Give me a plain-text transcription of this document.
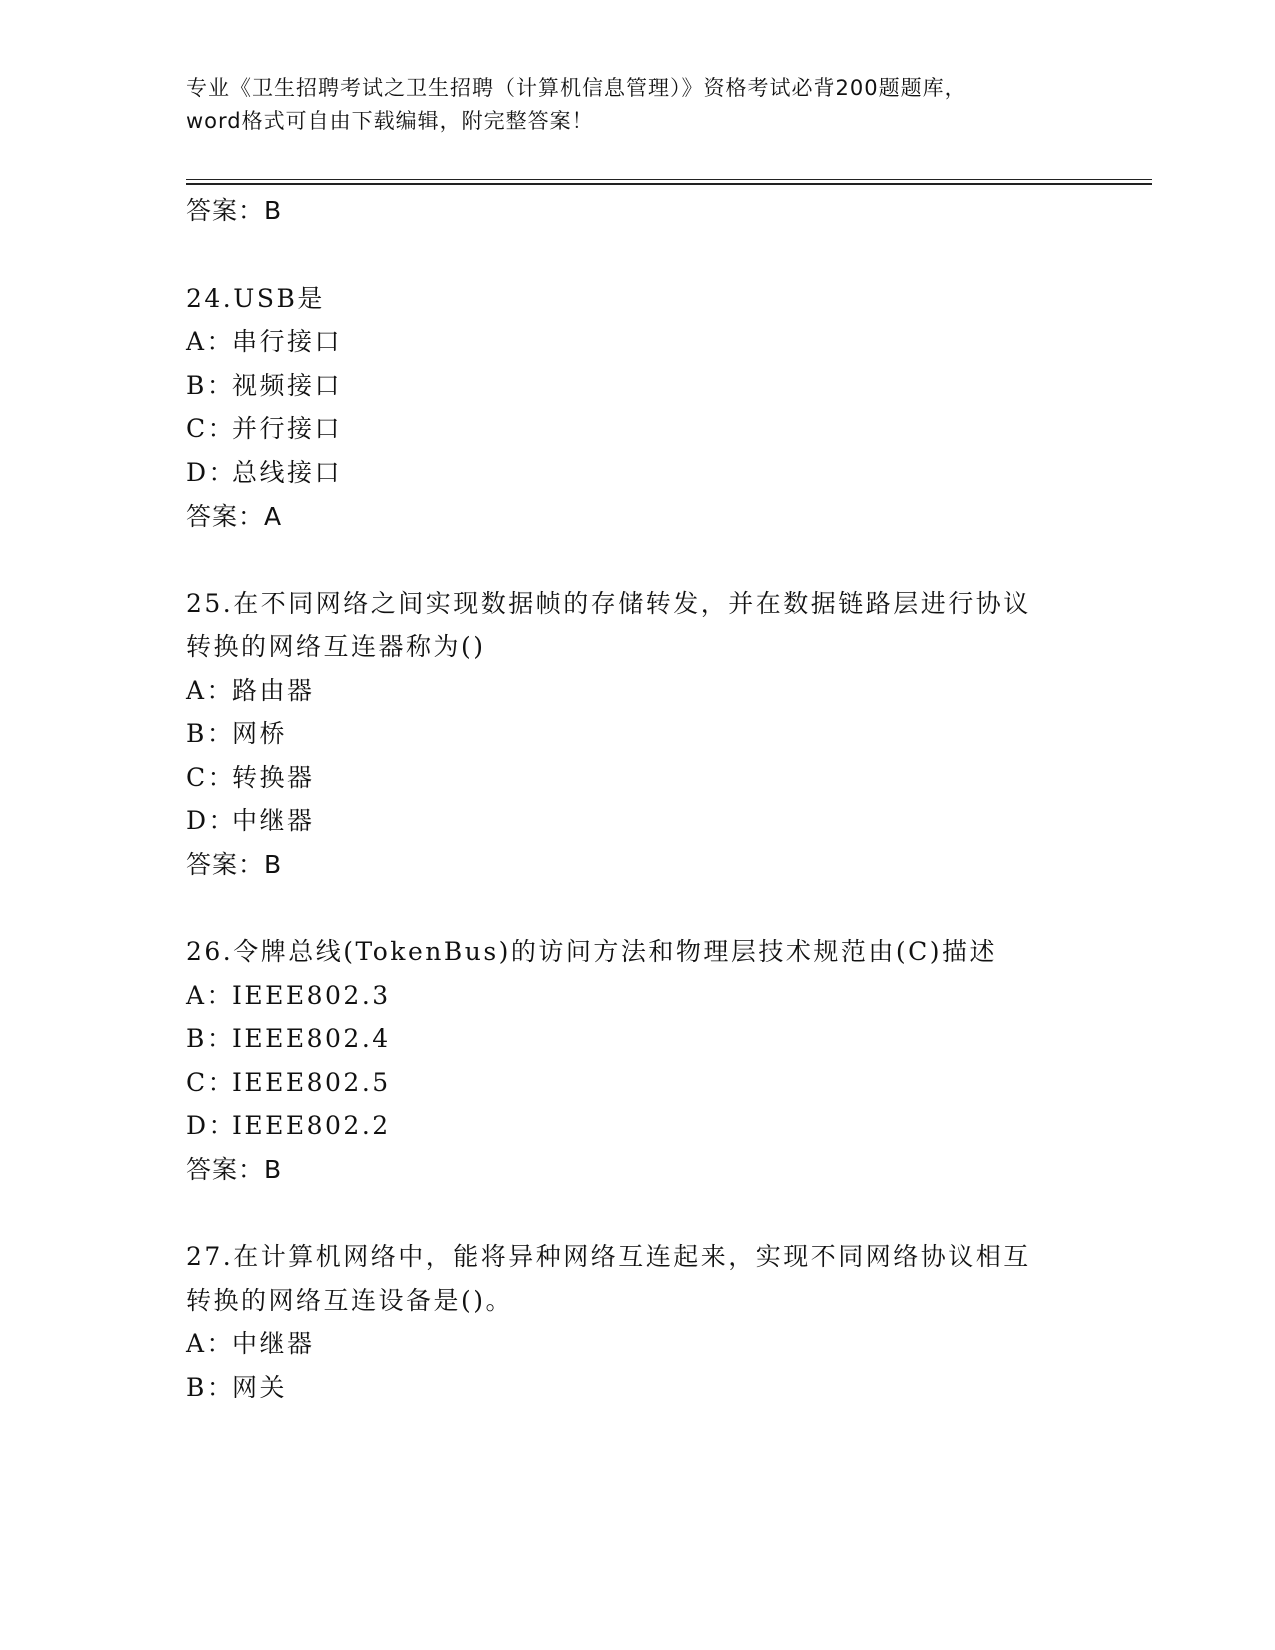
专业《卫生招聘考试之卫生招聘（计算机信息管理）》资格考试必背200题题库，
word格式可自由下载编辑，附完整答案！
答案：B
24.USB是
A：串行接口
B：视频接口
C：并行接口
D：总线接口
答案：A
25.在不同网络之间实现数据帧的存储转发，并在数据链路层进行协议
转换的网络互连器称为()
A：路由器
B：网桥
C：转换器
D：中继器
答案：B
26.令牌总线(TokenBus)的访问方法和物理层技术规范由(C)描述
A：IEEE802.3
B：IEEE802.4
C：IEEE802.5
D：IEEE802.2
答案：B
27.在计算机网络中，能将异种网络互连起来，实现不同网络协议相互
转换的网络互连设备是()。
A：中继器
B：网关
